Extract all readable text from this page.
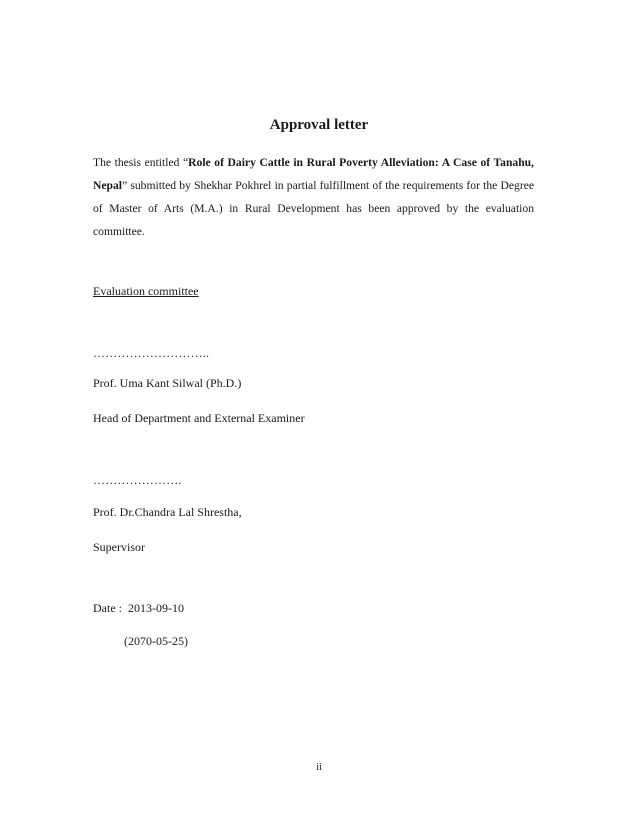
Approval letter

The thesis entitled “Role of Dairy Cattle in Rural Poverty Alleviation: A Case of Tanahu, Nepal” submitted by Shekhar Pokhrel in partial fulfillment of the requirements for the Degree of Master of Arts (M.A.) in Rural Development has been approved by the evaluation committee.

Evaluation committee
………………………..
Prof. Uma Kant Silwal (Ph.D.)
Head of Department and External Examiner
………………….
Prof. Dr.Chandra Lal Shrestha,
Supervisor
Date :  2013-09-10
(2070-05-25)
ii
